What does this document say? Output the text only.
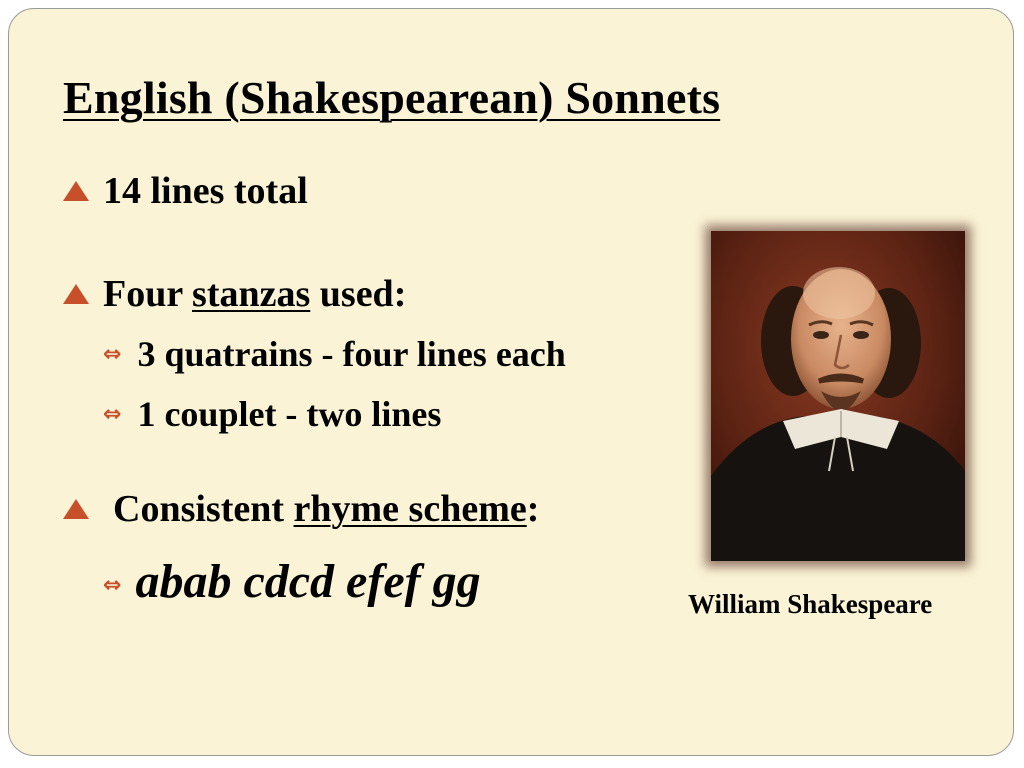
English (Shakespearean) Sonnets
14 lines total
Four stanzas used:
⇔ 3 quatrains - four lines each
⇔ 1 couplet - two lines
Consistent rhyme scheme :
⇔ abab cdcd efef gg	William Shakespeare
